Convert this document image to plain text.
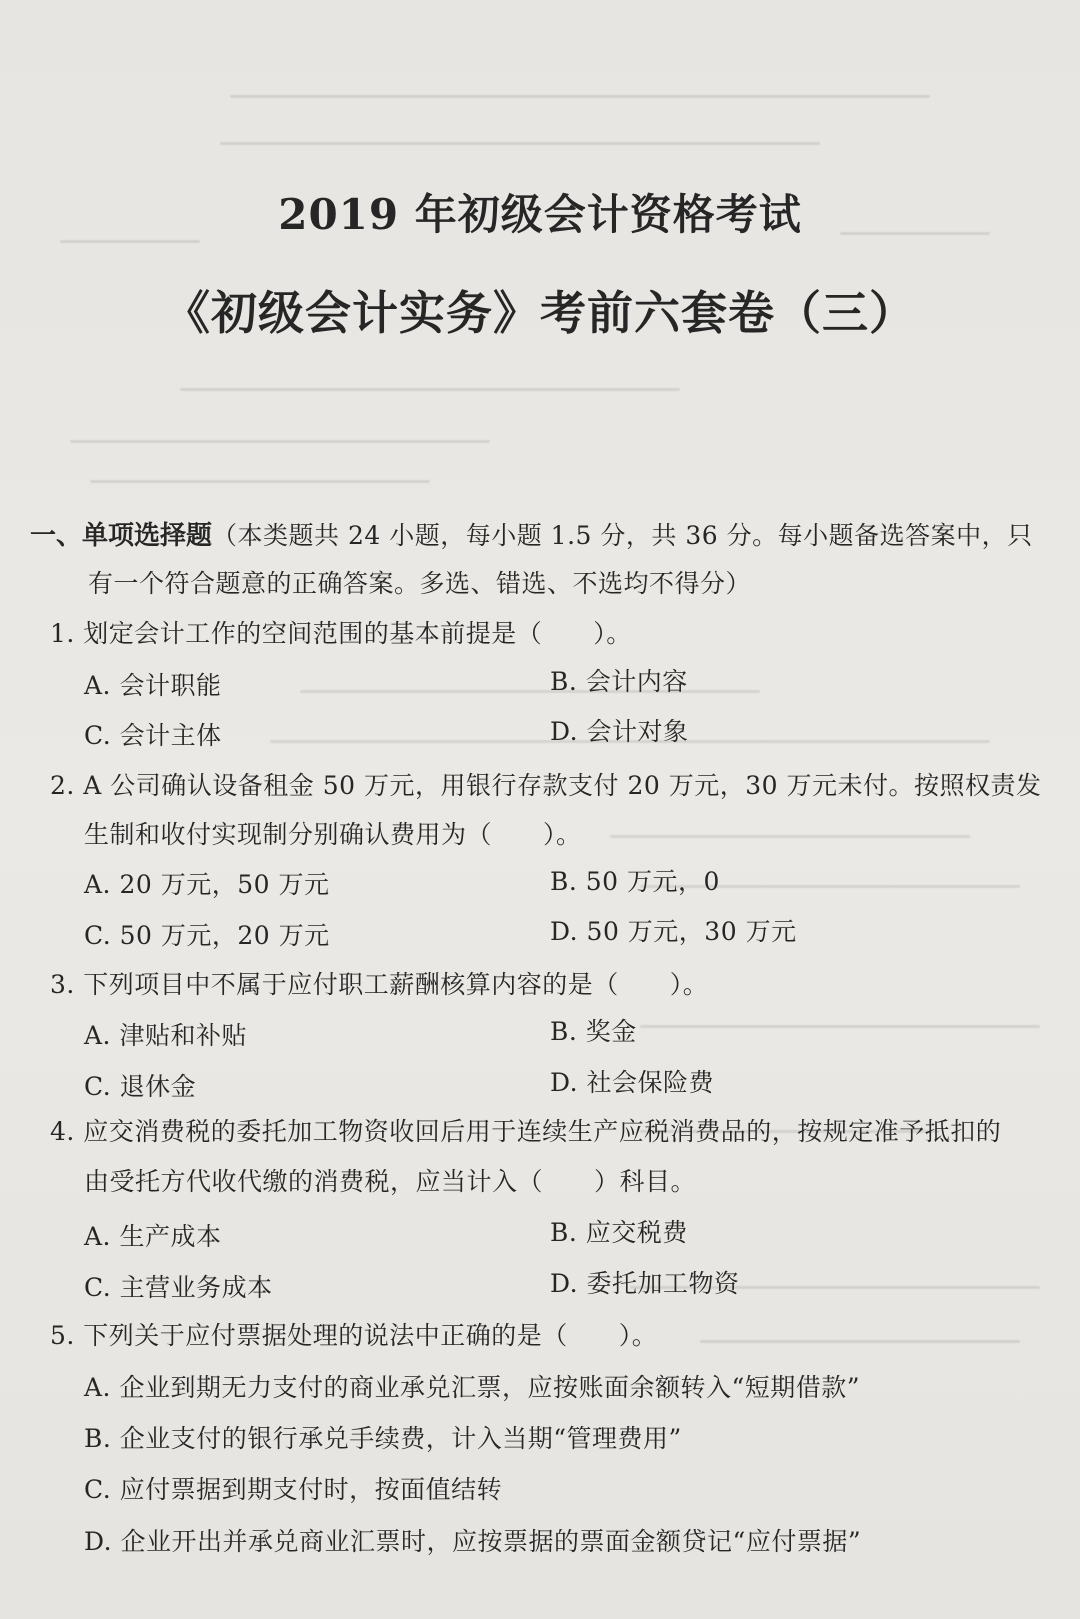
2019 年初级会计资格考试
《初级会计实务》考前六套卷（三）
一、单项选择题（本类题共 24 小题，每小题 1.5 分，共 36 分。每小题备选答案中，只
有一个符合题意的正确答案。多选、错选、不选均不得分）
1. 划定会计工作的空间范围的基本前提是（　　）。
A. 会计职能	B. 会计内容
C. 会计主体	D. 会计对象
2. A 公司确认设备租金 50 万元，用银行存款支付 20 万元，30 万元未付。按照权责发
生制和收付实现制分别确认费用为（　　）。
A. 20 万元，50 万元	B. 50 万元，0
C. 50 万元，20 万元	D. 50 万元，30 万元
3. 下列项目中不属于应付职工薪酬核算内容的是（　　）。
A. 津贴和补贴	B. 奖金
C. 退休金	D. 社会保险费
4. 应交消费税的委托加工物资收回后用于连续生产应税消费品的，按规定准予抵扣的
由受托方代收代缴的消费税，应当计入（　　）科目。
A. 生产成本	B. 应交税费
C. 主营业务成本	D. 委托加工物资
5. 下列关于应付票据处理的说法中正确的是（　　）。
A. 企业到期无力支付的商业承兑汇票，应按账面余额转入“短期借款”
B. 企业支付的银行承兑手续费，计入当期“管理费用”
C. 应付票据到期支付时，按面值结转
D. 企业开出并承兑商业汇票时，应按票据的票面金额贷记“应付票据”
